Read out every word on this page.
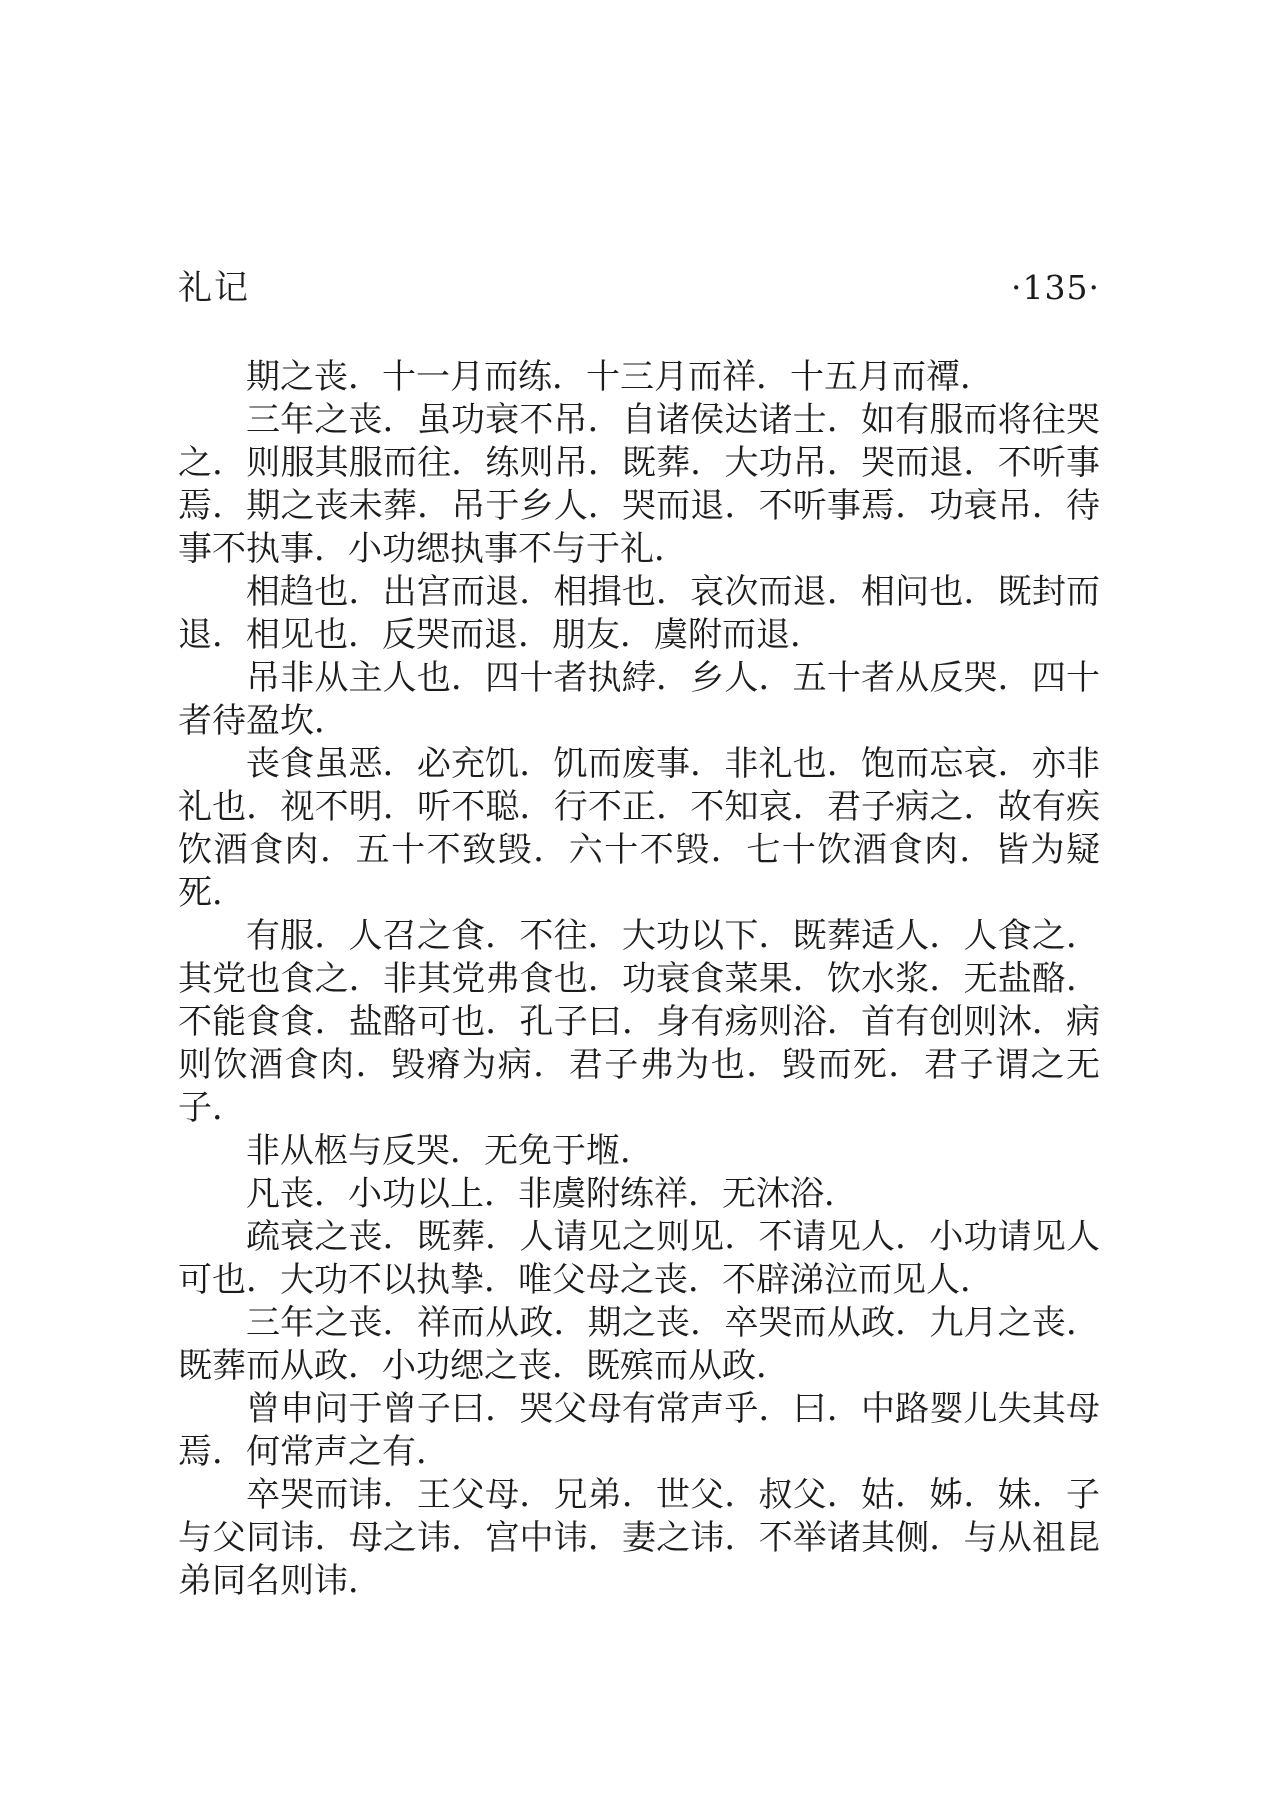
礼记	·135·
期之丧．十一月而练．十三月而祥．十五月而禫．
三年之丧．虽功衰不吊．自诸侯达诸士．如有服而将往哭
之．则服其服而往．练则吊．既葬．大功吊．哭而退．不听事
焉．期之丧未葬．吊于乡人．哭而退．不听事焉．功衰吊．待
事不执事．小功缌执事不与于礼．
相趋也．出宫而退．相揖也．哀次而退．相问也．既封而
退．相见也．反哭而退．朋友．虞附而退．
吊非从主人也．四十者执綍．乡人．五十者从反哭．四十
者待盈坎．
丧食虽恶．必充饥．饥而废事．非礼也．饱而忘哀．亦非
礼也．视不明．听不聪．行不正．不知哀．君子病之．故有疾
饮酒食肉．五十不致毁．六十不毁．七十饮酒食肉．皆为疑死．
有服．人召之食．不往．大功以下．既葬适人．人食之．
其党也食之．非其党弗食也．功衰食菜果．饮水浆．无盐酪．
不能食食．盐酪可也．孔子曰．身有疡则浴．首有创则沐．病
则饮酒食肉．毁瘠为病．君子弗为也．毁而死．君子谓之无子．
非从柩与反哭．无免于堩．
凡丧．小功以上．非虞附练祥．无沐浴．
疏衰之丧．既葬．人请见之则见．不请见人．小功请见人
可也．大功不以执挚．唯父母之丧．不辟涕泣而见人．
三年之丧．祥而从政．期之丧．卒哭而从政．九月之丧．
既葬而从政．小功缌之丧．既殡而从政．
曾申问于曾子曰．哭父母有常声乎．曰．中路婴儿失其母
焉．何常声之有．
卒哭而讳．王父母．兄弟．世父．叔父．姑．姊．妹．子
与父同讳．母之讳．宫中讳．妻之讳．不举诸其侧．与从祖昆
弟同名则讳．
